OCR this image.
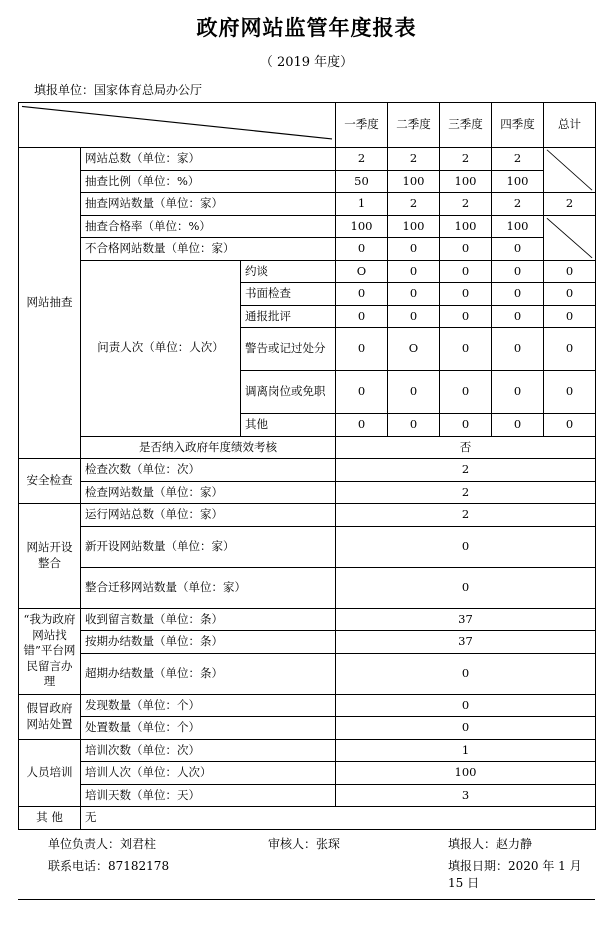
政府网站监管年度报表
（ 2019 年度）
填报单位：国家体育总局办公厅
	一季度	二季度	三季度	四季度	总计
网站抽查	网站总数（单位：家）		2	2	2	2	

	抽查比例（单位：%）		50	100	100	100	
	抽查网站数量（单位：家）		1	2	2	2	2
	抽查合格率（单位：%）		100	100	100	100	

	不合格网站数量（单位：家）		0	0	0	0	
	问责人次（单位：人次）	约谈	O	0	0	0	0
		书面检查	0	0	0	0	0
		通报批评	0	0	0	0	0
		警告或记过处分	0	O	0	0	0
		调离岗位或免职	0	0	0	0	0
		其他	0	0	0	0	0
	是否纳入政府年度绩效考核		否				
安全检查	检查次数（单位：次）		2				
	检查网站数量（单位：家）		2				
网站开设整合	运行网站总数（单位：家）		2				
	新开设网站数量（单位：家）		0				
	整合迁移网站数量（单位：家）		0				
“我为政府网站找错”平台网民留言办理	收到留言数量（单位：条）		37				
	按期办结数量（单位：条）		37				
	超期办结数量（单位：条）		0				
假冒政府网站处置	发现数量（单位：个）		0				
	处置数量（单位：个）		0				
人员培训	培训次数（单位：次）		1				
	培训人次（单位：人次）		100				
	培训天数（单位：天）		3				
其 他	无						
单位负责人：刘君柱	审核人：张琛	填报人：赵力静
联系电话：87182178	填报日期：2020 年 1 月 15 日
